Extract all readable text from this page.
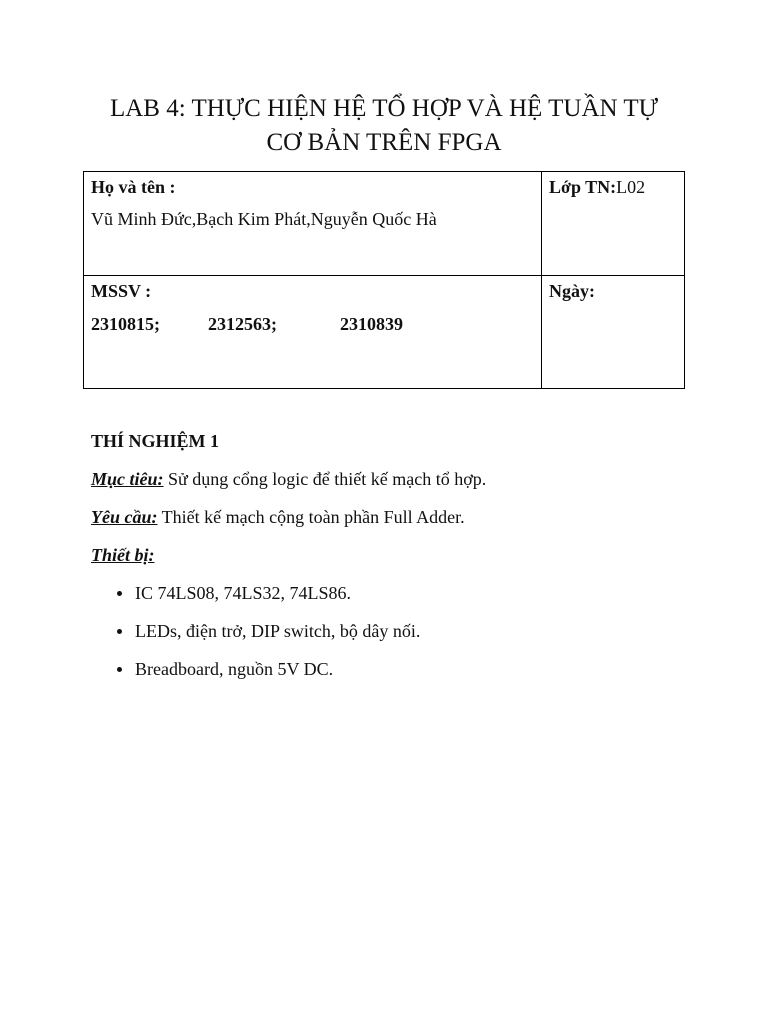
LAB 4: THỰC HIỆN HỆ TỔ HỢP VÀ HỆ TUẦN TỰ
CƠ BẢN TRÊN FPGA
Họ và tên :
Vũ Minh Đức,Bạch Kim Phát,Nguyễn Quốc Hà	Lớp TN:L02

MSSV :
2310815; 2312563; 2310839	Ngày:

THÍ NGHIỆM 1

Mục tiêu: Sử dụng cổng logic để thiết kế mạch tổ hợp.

Yêu cầu: Thiết kế mạch cộng toàn phần Full Adder.

Thiết bị:

IC 74LS08, 74LS32, 74LS86.
LEDs, điện trở, DIP switch, bộ dây nối.
Breadboard, nguồn 5V DC.
